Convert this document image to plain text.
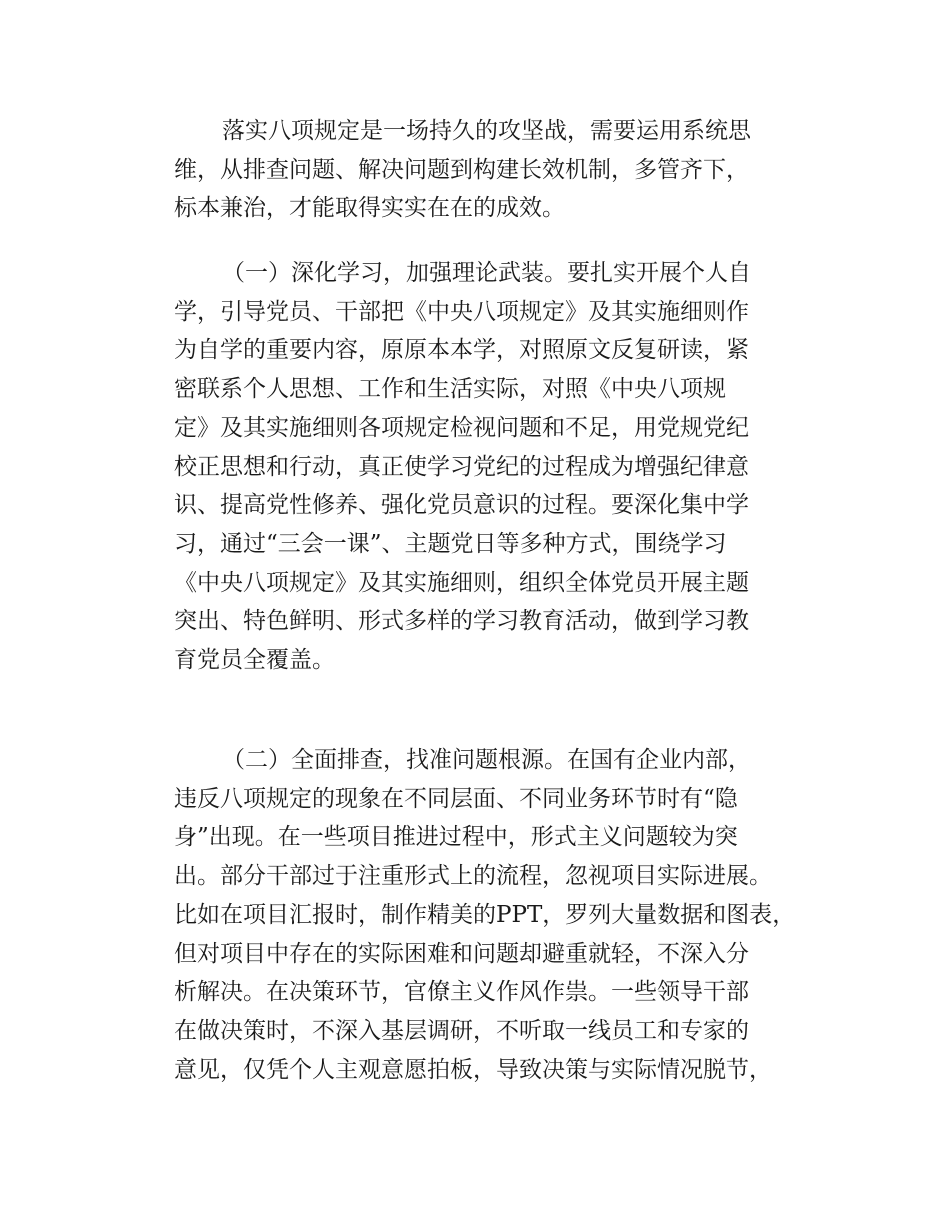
落实八项规定是一场持久的攻坚战，需要运用系统思
维，从排查问题、解决问题到构建长效机制，多管齐下，
标本兼治，才能取得实实在在的成效。

（一）深化学习，加强理论武装。要扎实开展个人自
学，引导党员、干部把《中央八项规定》及其实施细则作
为自学的重要内容，原原本本学，对照原文反复研读，紧
密联系个人思想、工作和生活实际，对照《中央八项规
定》及其实施细则各项规定检视问题和不足，用党规党纪
校正思想和行动，真正使学习党纪的过程成为增强纪律意
识、提高党性修养、强化党员意识的过程。要深化集中学
习，通过“三会一课”、主题党日等多种方式，围绕学习
《中央八项规定》及其实施细则，组织全体党员开展主题
突出、特色鲜明、形式多样的学习教育活动，做到学习教
育党员全覆盖。

（二）全面排查，找准问题根源。在国有企业内部，
违反八项规定的现象在不同层面、不同业务环节时有“隐
身”出现。在一些项目推进过程中，形式主义问题较为突
出。部分干部过于注重形式上的流程，忽视项目实际进展。
比如在项目汇报时，制作精美的PPT，罗列大量数据和图表，
但对项目中存在的实际困难和问题却避重就轻，不深入分
析解决。在决策环节，官僚主义作风作祟。一些领导干部
在做决策时，不深入基层调研，不听取一线员工和专家的
意见，仅凭个人主观意愿拍板，导致决策与实际情况脱节，
